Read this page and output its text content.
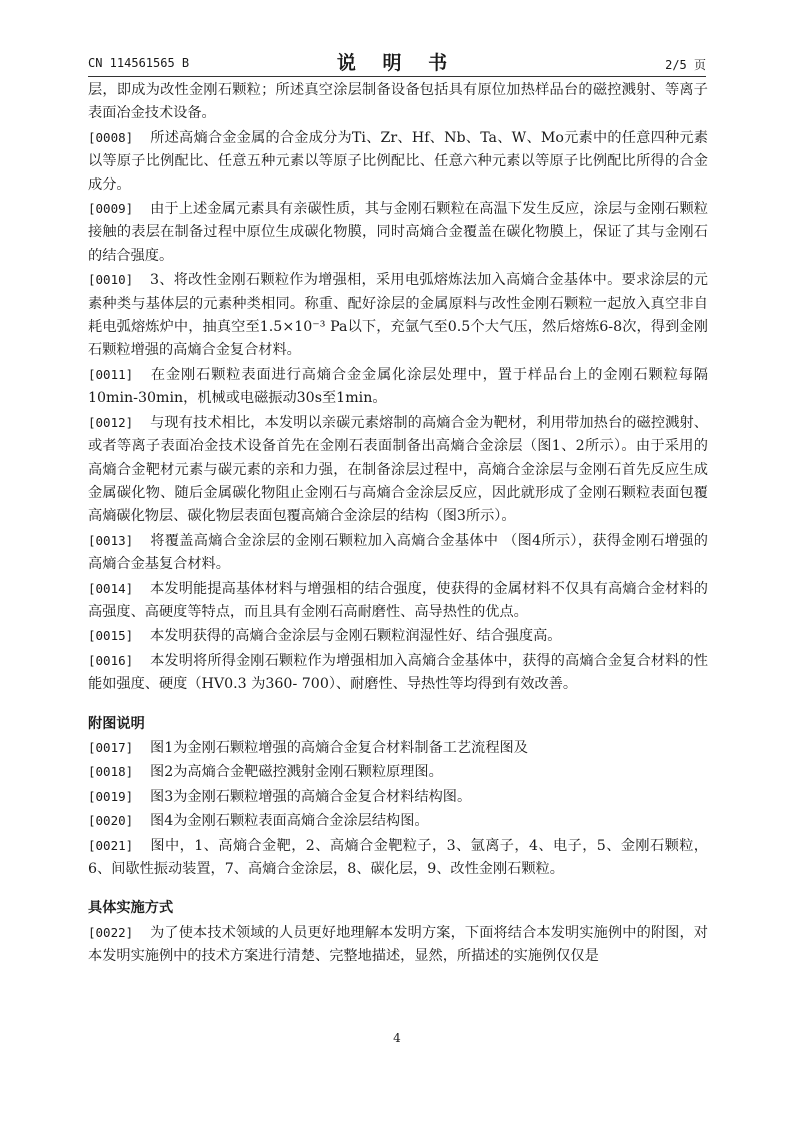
CN 114561565 B	说 明 书	2/5 页

层，即成为改性金刚石颗粒；所述真空涂层制备设备包括具有原位加热样品台的磁控溅射、等离子表面冶金技术设备。

[0008] 所述高熵合金金属的合金成分为Ti、Zr、Hf、Nb、Ta、W、Mo元素中的任意四种元素以等原子比例配比、任意五种元素以等原子比例配比、任意六种元素以等原子比例配比所得的合金成分。

[0009] 由于上述金属元素具有亲碳性质，其与金刚石颗粒在高温下发生反应，涂层与金刚石颗粒接触的表层在制备过程中原位生成碳化物膜，同时高熵合金覆盖在碳化物膜上，保证了其与金刚石的结合强度。

[0010] 3、将改性金刚石颗粒作为增强相，采用电弧熔炼法加入高熵合金基体中。要求涂层的元素种类与基体层的元素种类相同。称重、配好涂层的金属原料与改性金刚石颗粒一起放入真空非自耗电弧熔炼炉中，抽真空至1.5×10⁻³ Pa以下，充氩气至0.5个大气压，然后熔炼6-8次，得到金刚石颗粒增强的高熵合金复合材料。

[0011] 在金刚石颗粒表面进行高熵合金金属化涂层处理中，置于样品台上的金刚石颗粒每隔10min-30min，机械或电磁振动30s至1min。

[0012] 与现有技术相比，本发明以亲碳元素熔制的高熵合金为靶材，利用带加热台的磁控溅射、或者等离子表面冶金技术设备首先在金刚石表面制备出高熵合金涂层（图1、2所示）。由于采用的高熵合金靶材元素与碳元素的亲和力强，在制备涂层过程中，高熵合金涂层与金刚石首先反应生成金属碳化物、随后金属碳化物阻止金刚石与高熵合金涂层反应，因此就形成了金刚石颗粒表面包覆高熵碳化物层、碳化物层表面包覆高熵合金涂层的结构（图3所示）。

[0013] 将覆盖高熵合金涂层的金刚石颗粒加入高熵合金基体中 （图4所示），获得金刚石增强的高熵合金基复合材料。

[0014] 本发明能提高基体材料与增强相的结合强度，使获得的金属材料不仅具有高熵合金材料的高强度、高硬度等特点，而且具有金刚石高耐磨性、高导热性的优点。

[0015] 本发明获得的高熵合金涂层与金刚石颗粒润湿性好、结合强度高。

[0016] 本发明将所得金刚石颗粒作为增强相加入高熵合金基体中，获得的高熵合金复合材料的性能如强度、硬度（HV0.3 为360- 700）、耐磨性、导热性等均得到有效改善。

附图说明

[0017] 图1为金刚石颗粒增强的高熵合金复合材料制备工艺流程图及

[0018] 图2为高熵合金靶磁控溅射金刚石颗粒原理图。

[0019] 图3为金刚石颗粒增强的高熵合金复合材料结构图。

[0020] 图4为金刚石颗粒表面高熵合金涂层结构图。

[0021] 图中，1、高熵合金靶，2、高熵合金靶粒子，3、氩离子，4、电子，5、金刚石颗粒，6、间歇性振动装置，7、高熵合金涂层，8、碳化层，9、改性金刚石颗粒。

具体实施方式

[0022] 为了使本技术领域的人员更好地理解本发明方案，下面将结合本发明实施例中的附图，对本发明实施例中的技术方案进行清楚、完整地描述，显然，所描述的实施例仅仅是

4
